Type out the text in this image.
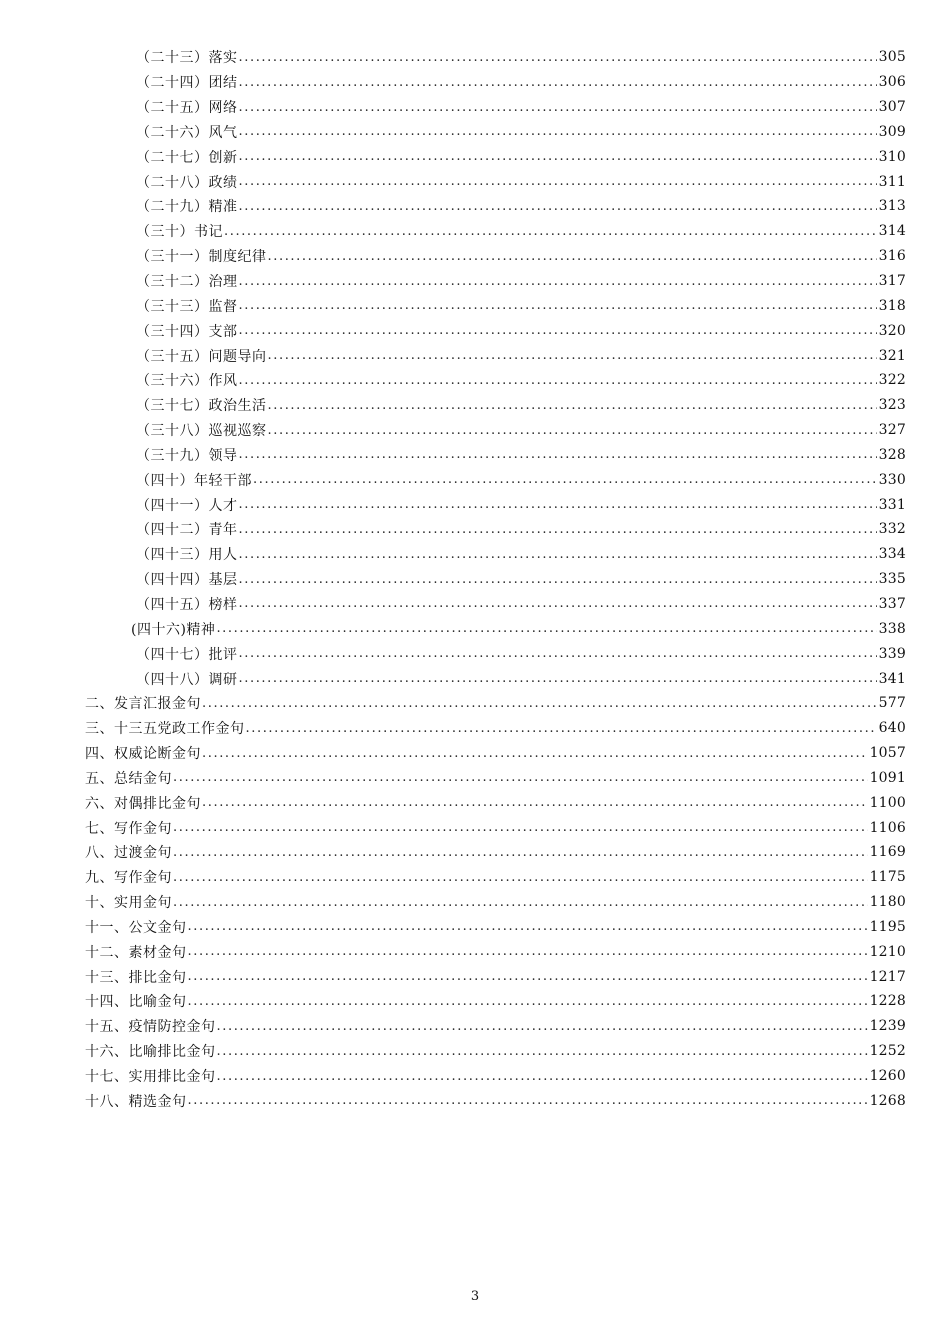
（二十三）落实 .....	305
（二十四）团结 .....	306
（二十五）网络 .....	307
（二十六）风气 .....	309
（二十七）创新 .....	310
（二十八）政绩 .....	311
（二十九）精准 .....	313
（三十）书记 .....	314
（三十一）制度纪律 .....	316
（三十二）治理 .....	317
（三十三）监督 .....	318
（三十四）支部 .....	320
（三十五）问题导向 .....	321
（三十六）作风 .....	322
（三十七）政治生活 .....	323
（三十八）巡视巡察 .....	327
（三十九）领导 .....	328
（四十）年轻干部 .....	330
（四十一）人才 .....	331
（四十二）青年 .....	332
（四十三）用人 .....	334
（四十四）基层 .....	335
（四十五）榜样 .....	337
(四十六)精神 .....	338
（四十七）批评 .....	339
（四十八）调研 .....	341
二、发言汇报金句 .....	577
三、十三五党政工作金句 .....	640
四、权威论断金句 .....	1057
五、总结金句 .....	1091
六、对偶排比金句 .....	1100
七、写作金句 .....	1106
八、过渡金句 .....	1169
九、写作金句 .....	1175
十、实用金句 .....	1180
十一、公文金句 .....	1195
十二、素材金句 .....	1210
十三、排比金句 .....	1217
十四、比喻金句 .....	1228
十五、疫情防控金句 .....	1239
十六、比喻排比金句 .....	1252
十七、实用排比金句 .....	1260
十八、精选金句 .....	1268
3
